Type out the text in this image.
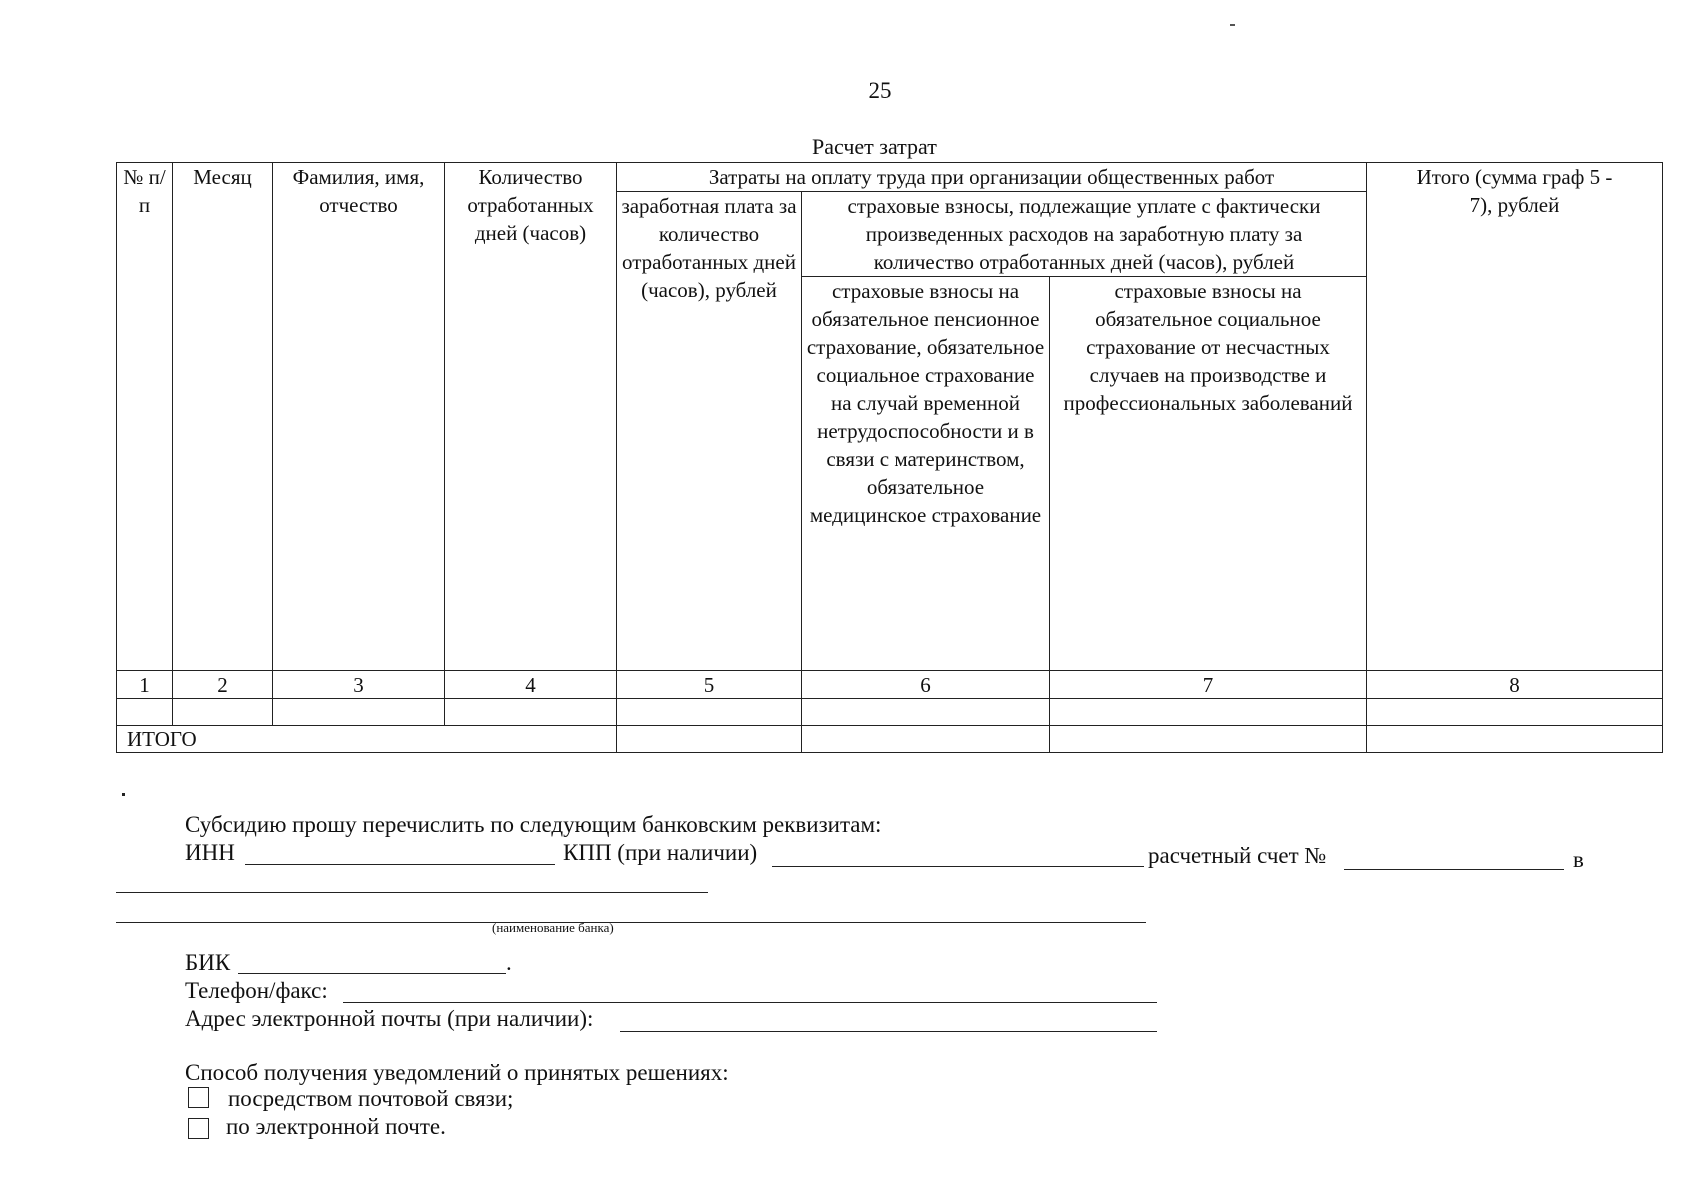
25
Расчет затрат
№ п/п	Месяц	Фамилия, имя, отчество	Количество отработанных дней (часов)	Затраты на оплату труда при организации общественных работ			Итого (сумма граф 5 - 7), рублей
				заработная плата за количество отработанных дней (часов), рублей	страховые взносы, подлежащие уплате с фактически произведенных расходов на заработную плату за количество отработанных дней (часов), рублей		
					страховые взносы на обязательное пенсионное страхование, обязательное социальное страхование на случай временной нетрудоспособности и в связи с материнством, обязательное медицинское страхование	страховые взносы на обязательное социальное страхование от несчастных случаев на производстве и профессиональных заболеваний	
1	2	3	4	5	6	7	8

ИТОГО							
Субсидию прошу перечислить по следующим банковским реквизитам:
ИНН	КПП (при наличии)	расчетный счет №	в
(наименование банка)
БИК	.
Телефон/факс:
Адрес электронной почты (при наличии):
Способ получения уведомлений о принятых решениях:
посредством почтовой связи;
по электронной почте.
